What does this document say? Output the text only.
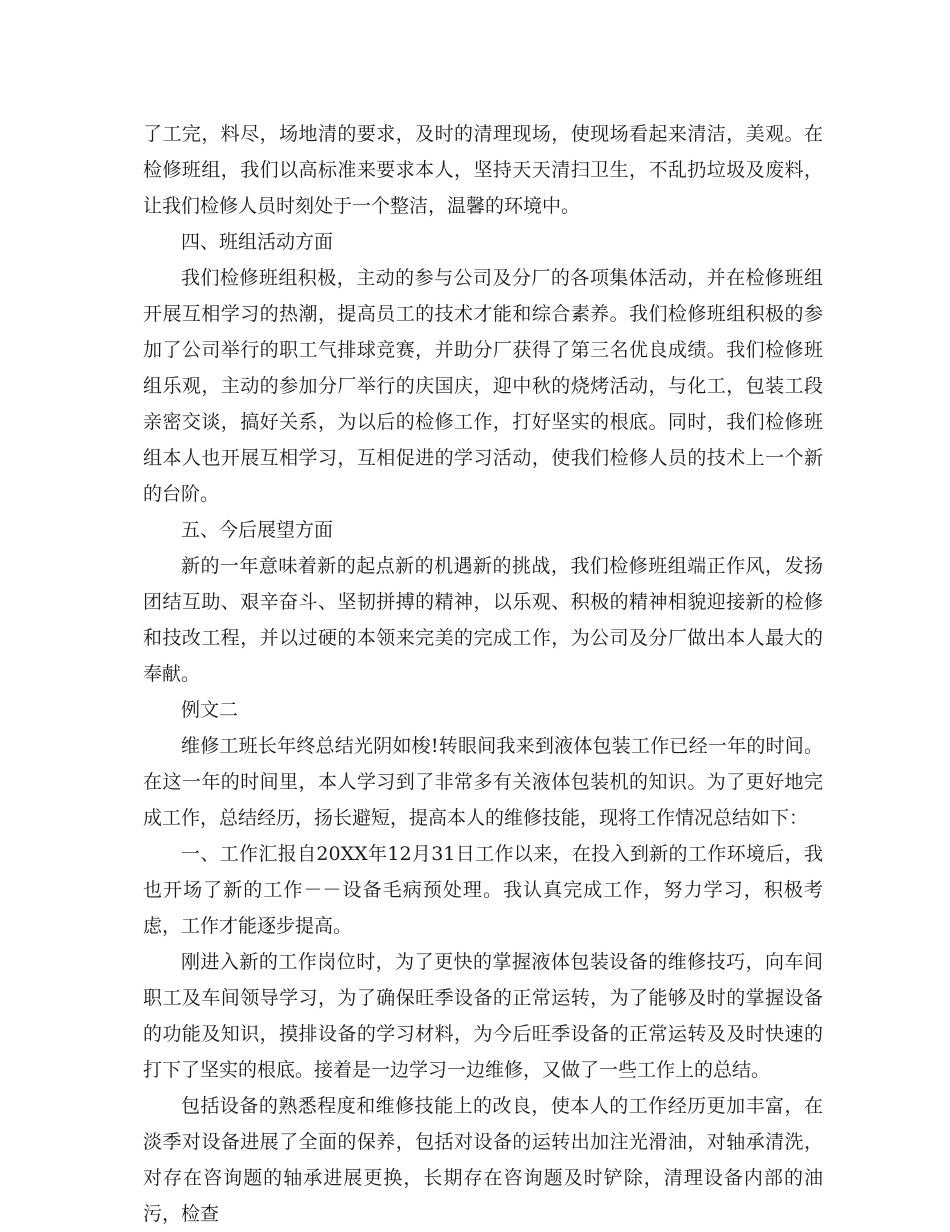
了工完，料尽，场地清的要求，及时的清理现场，使现场看起来清洁，美观。在检修班组，我们以高标准来要求本人，坚持天天清扫卫生，不乱扔垃圾及废料，让我们检修人员时刻处于一个整洁，温馨的环境中。

四、班组活动方面

我们检修班组积极，主动的参与公司及分厂的各项集体活动，并在检修班组开展互相学习的热潮，提高员工的技术才能和综合素养。我们检修班组积极的参加了公司举行的职工气排球竞赛，并助分厂获得了第三名优良成绩。我们检修班组乐观，主动的参加分厂举行的庆国庆，迎中秋的烧烤活动，与化工，包装工段亲密交谈，搞好关系，为以后的检修工作，打好坚实的根底。同时，我们检修班组本人也开展互相学习，互相促进的学习活动，使我们检修人员的技术上一个新的台阶。

五、今后展望方面

新的一年意味着新的起点新的机遇新的挑战，我们检修班组端正作风，发扬团结互助、艰辛奋斗、坚韧拼搏的精神，以乐观、积极的精神相貌迎接新的检修和技改工程，并以过硬的本领来完美的完成工作，为公司及分厂做出本人最大的奉献。

例文二

维修工班长年终总结光阴如梭!转眼间我来到液体包装工作已经一年的时间。在这一年的时间里，本人学习到了非常多有关液体包装机的知识。为了更好地完成工作，总结经历，扬长避短，提高本人的维修技能，现将工作情况总结如下：

一、工作汇报自20XX年12月31日工作以来，在投入到新的工作环境后，我也开场了新的工作－－设备毛病预处理。我认真完成工作，努力学习，积极考虑，工作才能逐步提高。

刚进入新的工作岗位时，为了更快的掌握液体包装设备的维修技巧，向车间职工及车间领导学习，为了确保旺季设备的正常运转，为了能够及时的掌握设备的功能及知识，摸排设备的学习材料，为今后旺季设备的正常运转及及时快速的打下了坚实的根底。接着是一边学习一边维修，又做了一些工作上的总结。

包括设备的熟悉程度和维修技能上的改良，使本人的工作经历更加丰富，在淡季对设备进展了全面的保养，包括对设备的运转出加注光滑油，对轴承清洗，对存在咨询题的轴承进展更换，长期存在咨询题及时铲除，清理设备内部的油污，检查
